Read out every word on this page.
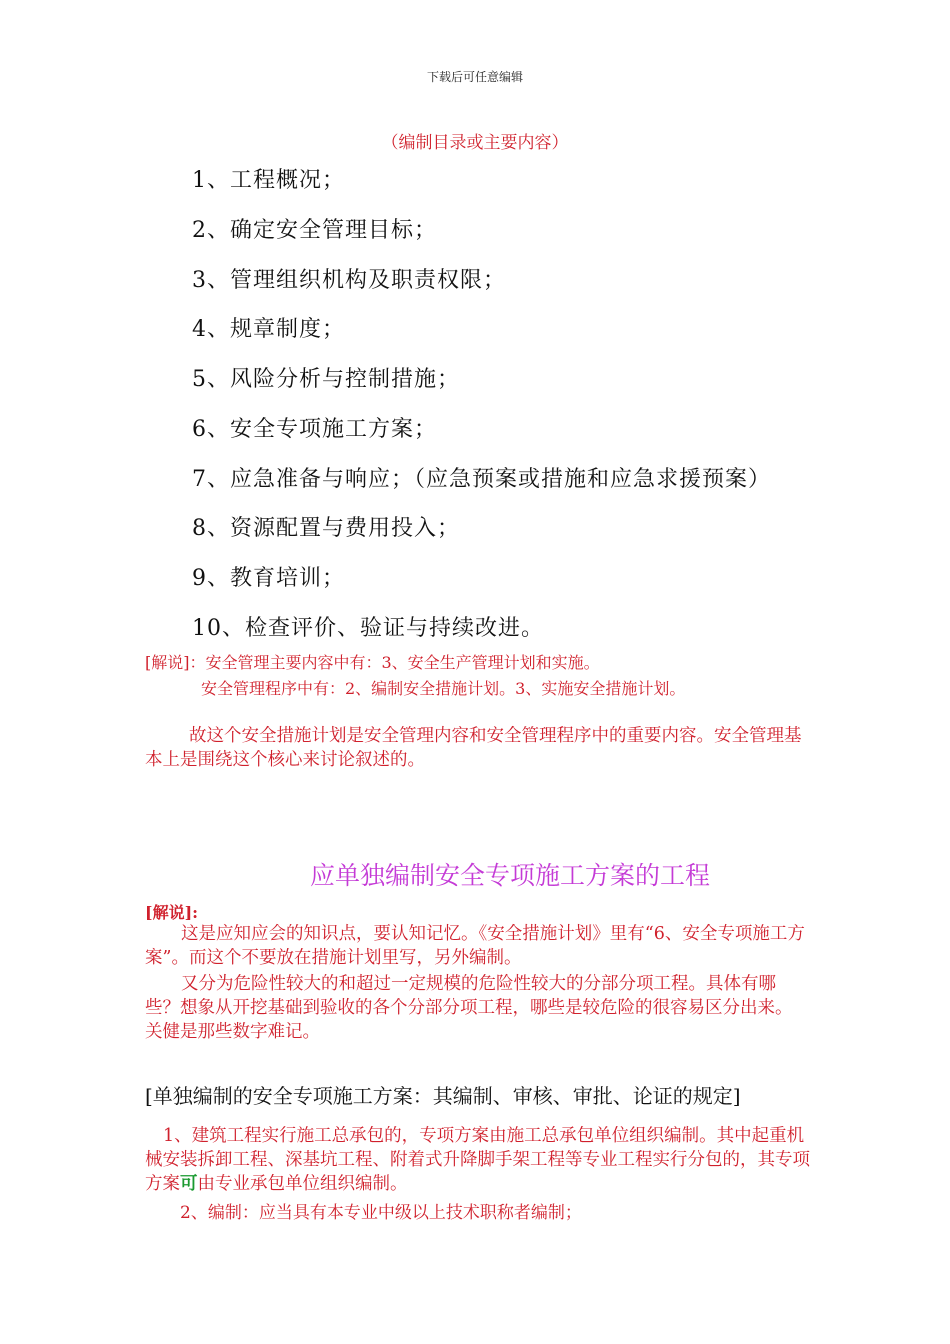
下载后可任意编辑
（编制目录或主要内容）
1、工程概况；
2、确定安全管理目标；
3、管理组织机构及职责权限；
4、规章制度；
5、风险分析与控制措施；
6、安全专项施工方案；
7、应急准备与响应；（应急预案或措施和应急求援预案）
8、资源配置与费用投入；
9、教育培训；
10、检查评价、验证与持续改进。
[解说]：安全管理主要内容中有：3、安全生产管理计划和实施。
安全管理程序中有：2、编制安全措施计划。3、实施安全措施计划。
故这个安全措施计划是安全管理内容和安全管理程序中的重要内容。安全管理基本上是围绕这个核心来讨论叙述的。
应单独编制安全专项施工方案的工程
[解说]:
这是应知应会的知识点，要认知记忆。《安全措施计划》里有“6、安全专项施工方案”。而这个不要放在措施计划里写，另外编制。
又分为危险性较大的和超过一定规模的危险性较大的分部分项工程。具体有哪些？想象从开挖基础到验收的各个分部分项工程，哪些是较危险的很容易区分出来。 关健是那些数字难记。
[单独编制的安全专项施工方案：其编制、审核、审批、论证的规定]
1、建筑工程实行施工总承包的，专项方案由施工总承包单位组织编制。其中起重机械安装拆卸工程、深基坑工程、附着式升降脚手架工程等专业工程实行分包的，其专项方案可由专业承包单位组织编制。
2、编制：应当具有本专业中级以上技术职称者编制；
